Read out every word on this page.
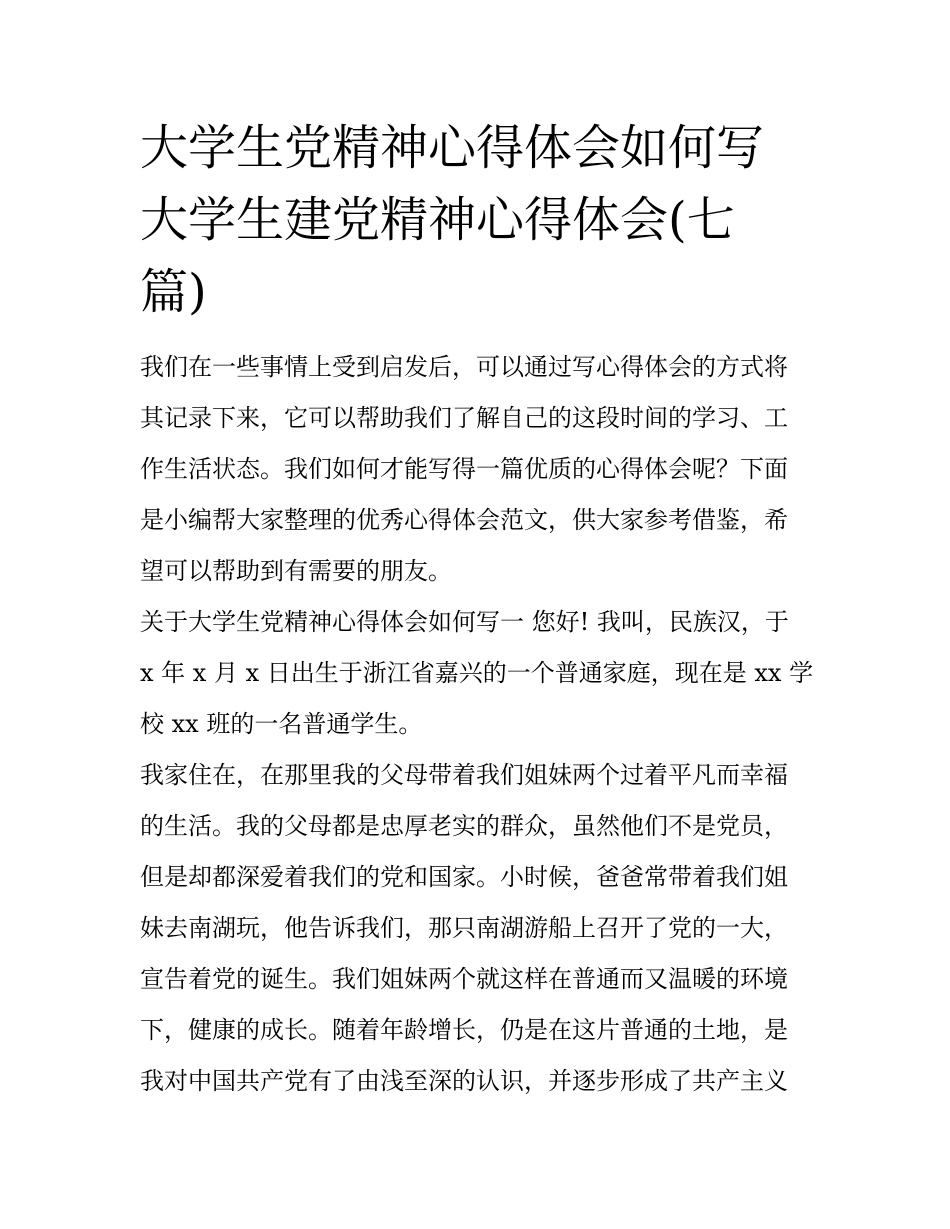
大学生党精神心得体会如何写
大学生建党精神心得体会(七
篇)

我们在一些事情上受到启发后，可以通过写心得体会的方式将
其记录下来，它可以帮助我们了解自己的这段时间的学习、工
作生活状态。我们如何才能写得一篇优质的心得体会呢？下面
是小编帮大家整理的优秀心得体会范文，供大家参考借鉴，希
望可以帮助到有需要的朋友。

关于大学生党精神心得体会如何写一 您好! 我叫，民族汉，于
x 年 x 月 x 日出生于浙江省嘉兴的一个普通家庭，现在是 xx 学
校 xx 班的一名普通学生。

我家住在，在那里我的父母带着我们姐妹两个过着平凡而幸福
的生活。我的父母都是忠厚老实的群众，虽然他们不是党员，
但是却都深爱着我们的党和国家。小时候，爸爸常带着我们姐
妹去南湖玩，他告诉我们，那只南湖游船上召开了党的一大，
宣告着党的诞生。我们姐妹两个就这样在普通而又温暖的环境
下，健康的成长。随着年龄增长，仍是在这片普通的土地，是
我对中国共产党有了由浅至深的认识，并逐步形成了共产主义
